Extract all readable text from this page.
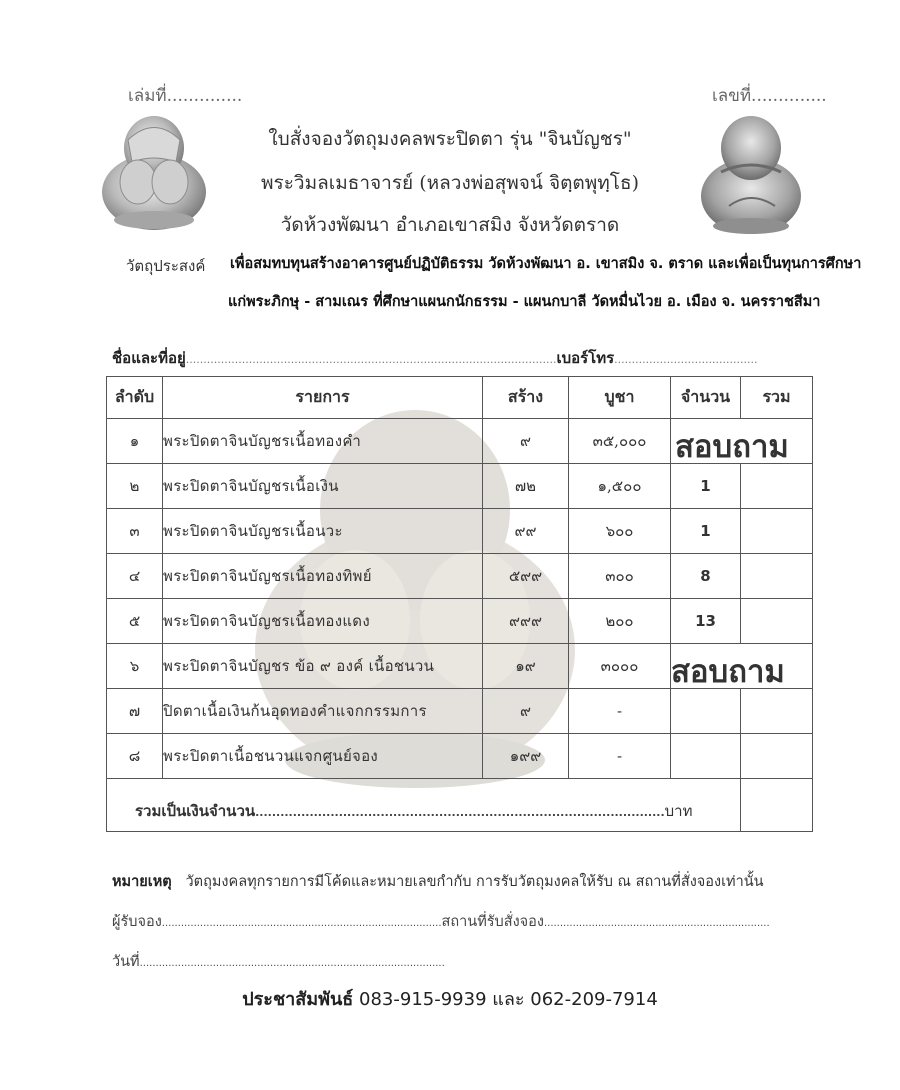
เล่มที่..............	เลขที่..............
ใบสั่งจองวัตถุมงคลพระปิดตา รุ่น "จินบัญชร"
พระวิมลเมธาจารย์ (หลวงพ่อสุพจน์ จิตฺตพุทฺโธ)
วัดห้วงพัฒนา อำเภอเขาสมิง จังหวัดตราด
วัตถุประสงค์ เพื่อสมทบทุนสร้างอาคารศูนย์ปฏิบัติธรรม วัดห้วงพัฒนา อ. เขาสมิง จ. ตราด และเพื่อเป็นทุนการศึกษา
แก่พระภิกษุ - สามเณร ที่ศึกษาแผนกนักธรรม - แผนกบาลี วัดหมื่นไวย อ. เมือง จ. นครราชสีมา
ชื่อและที่อยู่..........................................................................................................เบอร์โทร.........................................
ลำดับ	รายการ	สร้าง	บูชา	จำนวน	รวม
๑	พระปิดตาจินบัญชรเนื้อทองคำ	๙	๓๕,๐๐๐	สอบถาม	

๒	พระปิดตาจินบัญชรเนื้อเงิน	๗๒	๑,๕๐๐	1	
๓	พระปิดตาจินบัญชรเนื้อนวะ	๙๙	๖๐๐	1	
๔	พระปิดตาจินบัญชรเนื้อทองทิพย์	๕๙๙	๓๐๐	8	
๕	พระปิดตาจินบัญชรเนื้อทองแดง	๙๙๙	๒๐๐	13	
๖	พระปิดตาจินบัญชร ข้อ ๙ องค์ เนื้อชนวน	๑๙	๓๐๐๐	สอบถาม	

๗	ปิดตาเนื้อเงินก้นอุดทองคำแจกกรรมการ	๙	-		
๘	พระปิดตาเนื้อชนวนแจกศูนย์จอง	๑๙๙	-		
รวมเป็นเงินจำนวน..................................................................................................บาท					
หมายเหตุ วัตถุมงคลทุกรายการมีโค้ดและหมายเลขกำกับ การรับวัตถุมงคลให้รับ ณ สถานที่สั่งจองเท่านั้น
ผู้รับจอง........................................................................................สถานที่รับสั่งจอง.......................................................................
วันที่................................................................................................
ประชาสัมพันธ์ 083-915-9939 และ 062-209-7914
